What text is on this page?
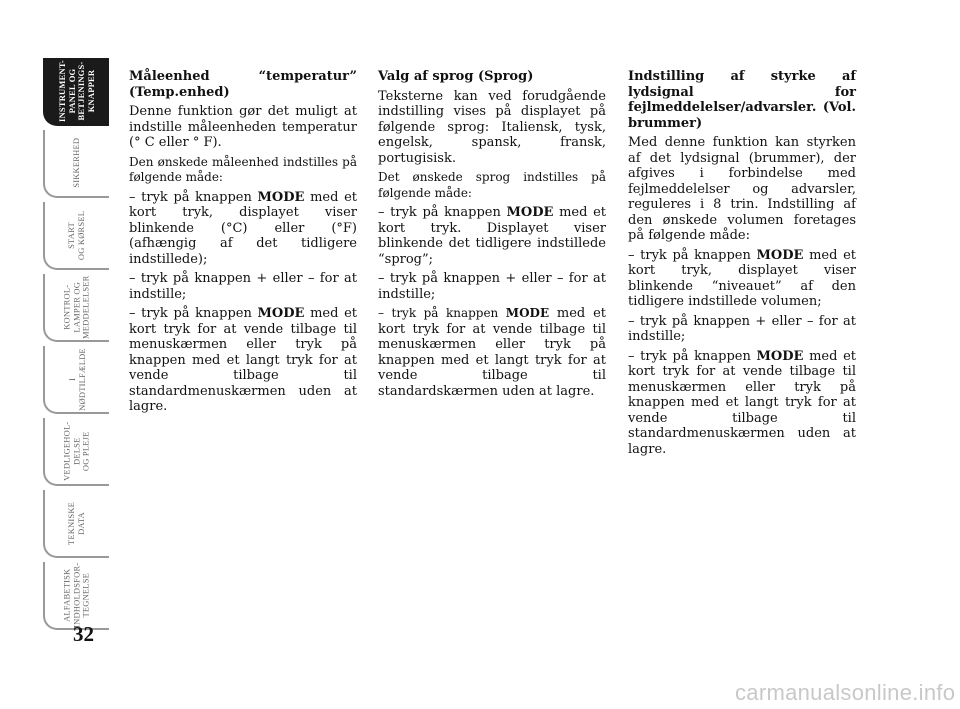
INSTRUMENT-
PANEL OG
BETJENINGS-
KNAPPER
SIKKERHED
START
OG KØRSEL
KONTROL-
LAMPER OG
MEDDELELSER
I
NØDTILFÆLDE
VEDLIGEHOL-
DELSE
OG PLEJE
TEKNISKE
DATA
ALFABETISK
INDHOLDSFOR-
TEGNELSE
32

Måleenhed “temperatur” (Temp.enhed)

Denne funktion gør det muligt at indstille måleenheden temperatur (° C eller ° F).

Den ønskede måleenhed indstilles på følgende måde:

– tryk på knappen MODE med et kort tryk, displayet viser blinkende (°C) eller (°F) (afhængig af det tidligere indstillede);

– tryk på knappen + eller – for at indstille;

– tryk på knappen MODE med et kort tryk for at vende tilbage til menuskærmen eller tryk på knappen med et langt tryk for at vende tilbage til standardmenuskærmen uden at lagre.

Valg af sprog (Sprog)

Teksterne kan ved forudgående indstilling vises på displayet på følgende sprog: Italiensk, tysk, engelsk, spansk, fransk, portugisisk.

Det ønskede sprog indstilles på følgende måde:

– tryk på knappen MODE med et kort tryk. Displayet viser blinkende det tidligere indstillede “sprog”;

– tryk på knappen + eller – for at indstille;

– tryk på knappen MODE med et kort tryk for at vende tilbage til menuskærmen eller tryk på knappen med et langt tryk for at vende tilbage til standardskærmen uden at lagre.

Indstilling af styrke af lydsignal for fejlmeddelelser/advarsler. (Vol. brummer)

Med denne funktion kan styrken af det lydsignal (brummer), der afgives i forbindelse med fejlmeddelelser og advarsler, reguleres i 8 trin. Indstilling af den ønskede volumen foretages på følgende måde:

– tryk på knappen MODE med et kort tryk, displayet viser blinkende “niveauet” af den tidligere indstillede volumen;

– tryk på knappen + eller – for at indstille;

– tryk på knappen MODE med et kort tryk for at vende tilbage til menuskærmen eller tryk på knappen med et langt tryk for at vende tilbage til standardmenuskærmen uden at lagre.

carmanualsonline.info
